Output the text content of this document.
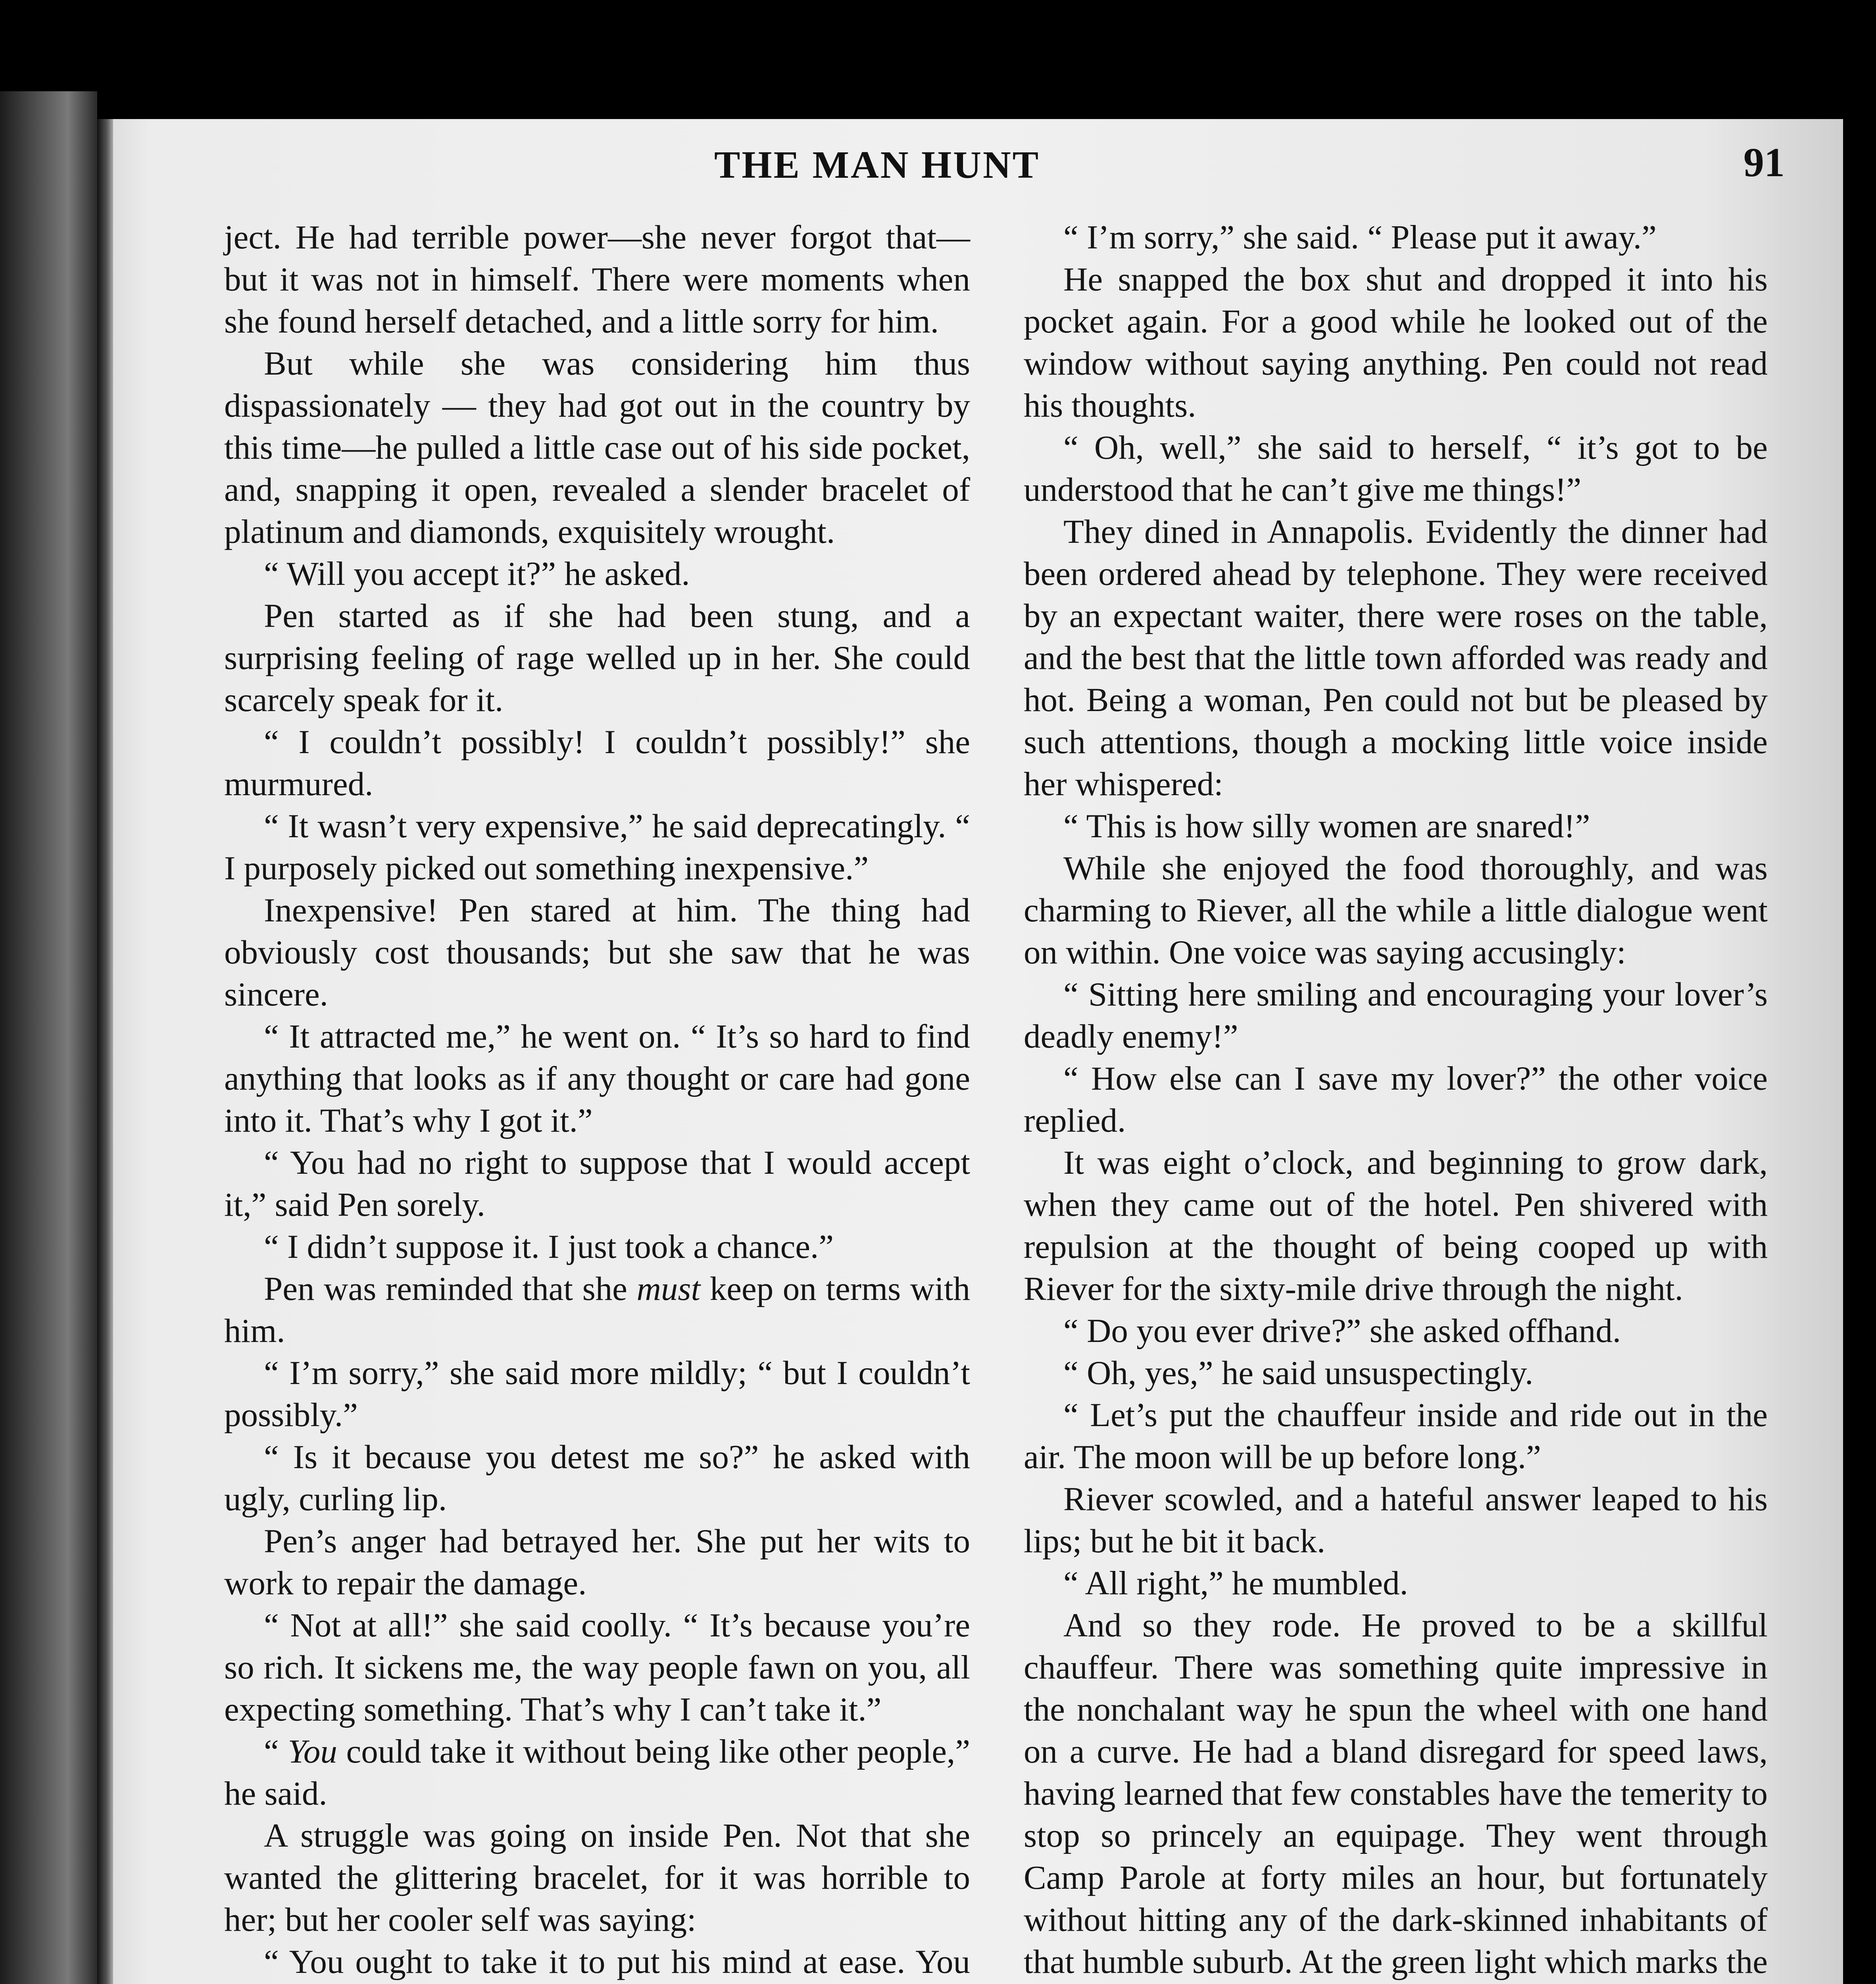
THE MAN HUNT	91

ject. He had terrible power—she never forgot that—but it was not in himself. There were moments when she found herself detached, and a little sorry for him.

But while she was considering him thus dispassionately — they had got out in the country by this time—he pulled a little case out of his side pocket, and, snapping it open, revealed a slender bracelet of platinum and diamonds, exquisitely wrought.

“ Will you accept it?” he asked.

Pen started as if she had been stung, and a surprising feeling of rage welled up in her. She could scarcely speak for it.

“ I couldn’t possibly! I couldn’t possibly!” she murmured.

“ It wasn’t very expensive,” he said deprecatingly. “ I purposely picked out something inexpensive.”

Inexpensive! Pen stared at him. The thing had obviously cost thousands; but she saw that he was sincere.

“ It attracted me,” he went on. “ It’s so hard to find anything that looks as if any thought or care had gone into it. That’s why I got it.”

“ You had no right to suppose that I would accept it,” said Pen sorely.

“ I didn’t suppose it. I just took a chance.”

Pen was reminded that she must keep on terms with him.

“ I’m sorry,” she said more mildly; “ but I couldn’t possibly.”

“ Is it because you detest me so?” he asked with ugly, curling lip.

Pen’s anger had betrayed her. She put her wits to work to repair the damage.

“ Not at all!” she said coolly. “ It’s because you’re so rich. It sickens me, the way people fawn on you, all expecting something. That’s why I can’t take it.”

“ You could take it without being like other people,” he said.

A struggle was going on inside Pen. Not that she wanted the glittering bracelet, for it was horrible to her; but her cooler self was saying:

“ You ought to take it to put his mind at ease. You

“ I’m sorry,” she said. “ Please put it away.”

He snapped the box shut and dropped it into his pocket again. For a good while he looked out of the window without saying anything. Pen could not read his thoughts.

“ Oh, well,” she said to herself, “ it’s got to be understood that he can’t give me things!”

They dined in Annapolis. Evidently the dinner had been ordered ahead by telephone. They were received by an expectant waiter, there were roses on the table, and the best that the little town afforded was ready and hot. Being a woman, Pen could not but be pleased by such attentions, though a mocking little voice inside her whispered:

“ This is how silly women are snared!”

While she enjoyed the food thoroughly, and was charming to Riever, all the while a little dialogue went on within. One voice was saying accusingly:

“ Sitting here smiling and encouraging your lover’s deadly enemy!”

“ How else can I save my lover?” the other voice replied.

It was eight o’clock, and beginning to grow dark, when they came out of the hotel. Pen shivered with repulsion at the thought of being cooped up with Riever for the sixty-mile drive through the night.

“ Do you ever drive?” she asked offhand.

“ Oh, yes,” he said unsuspectingly.

“ Let’s put the chauffeur inside and ride out in the air. The moon will be up before long.”

Riever scowled, and a hateful answer leaped to his lips; but he bit it back.

“ All right,” he mumbled.

And so they rode. He proved to be a skillful chauffeur. There was something quite impressive in the nonchalant way he spun the wheel with one hand on a curve. He had a bland disregard for speed laws, having learned that few constables have the temerity to stop so princely an equipage. They went through Camp Parole at forty miles an hour, but fortunately without hitting any of the dark-skinned inhabitants of that humble suburb. At the green light which marks the
